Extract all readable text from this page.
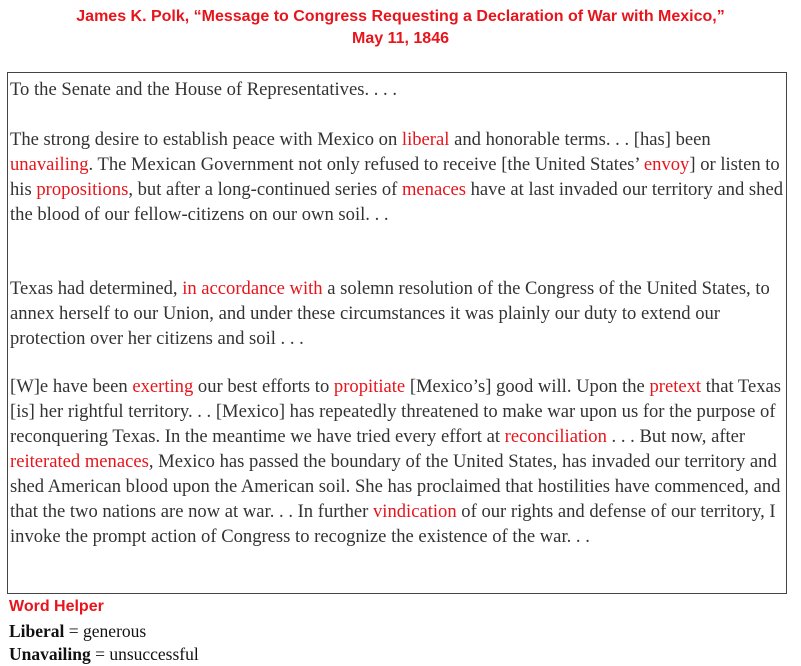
James K. Polk, “Message to Congress Requesting a Declaration of War with Mexico,”
May 11, 1846

To the Senate and the House of Representatives. . . .

The strong desire to establish peace with Mexico on liberal and honorable terms. . . [has] been unavailing. The Mexican Government not only refused to receive [the United States’ envoy] or listen to his propositions, but after a long-continued series of menaces have at last invaded our territory and shed the blood of our fellow-citizens on our own soil. . .

Texas had determined, in accordance with a solemn resolution of the Congress of the United States, to annex herself to our Union, and under these circumstances it was plainly our duty to extend our protection over her citizens and soil . . .

[W]e have been exerting our best efforts to propitiate [Mexico’s] good will. Upon the pretext that Texas [is] her rightful territory. . . [Mexico] has repeatedly threatened to make war upon us for the purpose of reconquering Texas. In the meantime we have tried every effort at reconciliation . . . But now, after reiterated menaces, Mexico has passed the boundary of the United States, has invaded our territory and shed American blood upon the American soil. She has proclaimed that hostilities have commenced, and that the two nations are now at war. . . In further vindication of our rights and defense of our territory, I invoke the prompt action of Congress to recognize the existence of the war. . .

Word Helper
Liberal = generous
Unavailing = unsuccessful
